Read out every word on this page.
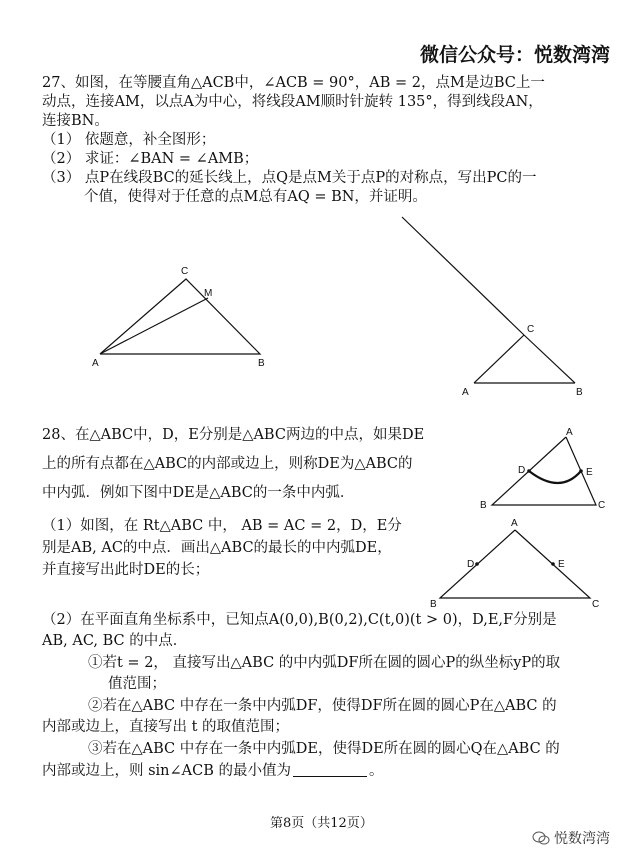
微信公众号：悦数湾湾
27、如图，在等腰直角△ACB中，∠ACB = 90°，AB = 2，点M是边BC上一
动点，连接AM，以点A为中心，将线段AM顺时针旋转 135°，得到线段AN，
连接BN。
（1） 依题意，补全图形；
（2） 求证：∠BAN = ∠AMB；
（3） 点P在线段BC的延长线上，点Q是点M关于点P的对称点，写出PC的一
个值，使得对于任意的点M总有AQ = BN，并证明。
C
M
A	B
C
A	B
28、在△ABC中，D，E分别是△ABC两边的中点，如果DE
上的所有点都在△ABC的内部或边上，则称DE为△ABC的
中内弧．例如下图中DE是△ABC的一条中内弧．
（1）如图，在 Rt△ABC 中， AB = AC = 2，D，E分
别是AB, AC的中点．画出△ABC的最长的中内弧DE，
并直接写出此时DE的长；
（2）在平面直角坐标系中，已知点A(0,0),B(0,2),C(t,0)(t > 0)，D,E,F分别是
AB, AC, BC 的中点．
①若t = 2， 直接写出△ABC 的中内弧DF所在圆的圆心P的纵坐标yP的取
值范围；
②若在△ABC 中存在一条中内弧DF，使得DF所在圆的圆心P在△ABC 的
内部或边上，直接写出 t 的取值范围；
③若在△ABC 中存在一条中内弧DE，使得DE所在圆的圆心Q在△ABC 的
内部或边上，则 sin∠ACB 的最小值为	。
A
D	E
B	C
A
D	E
B	C
第8页（共12页）
悦数湾湾
